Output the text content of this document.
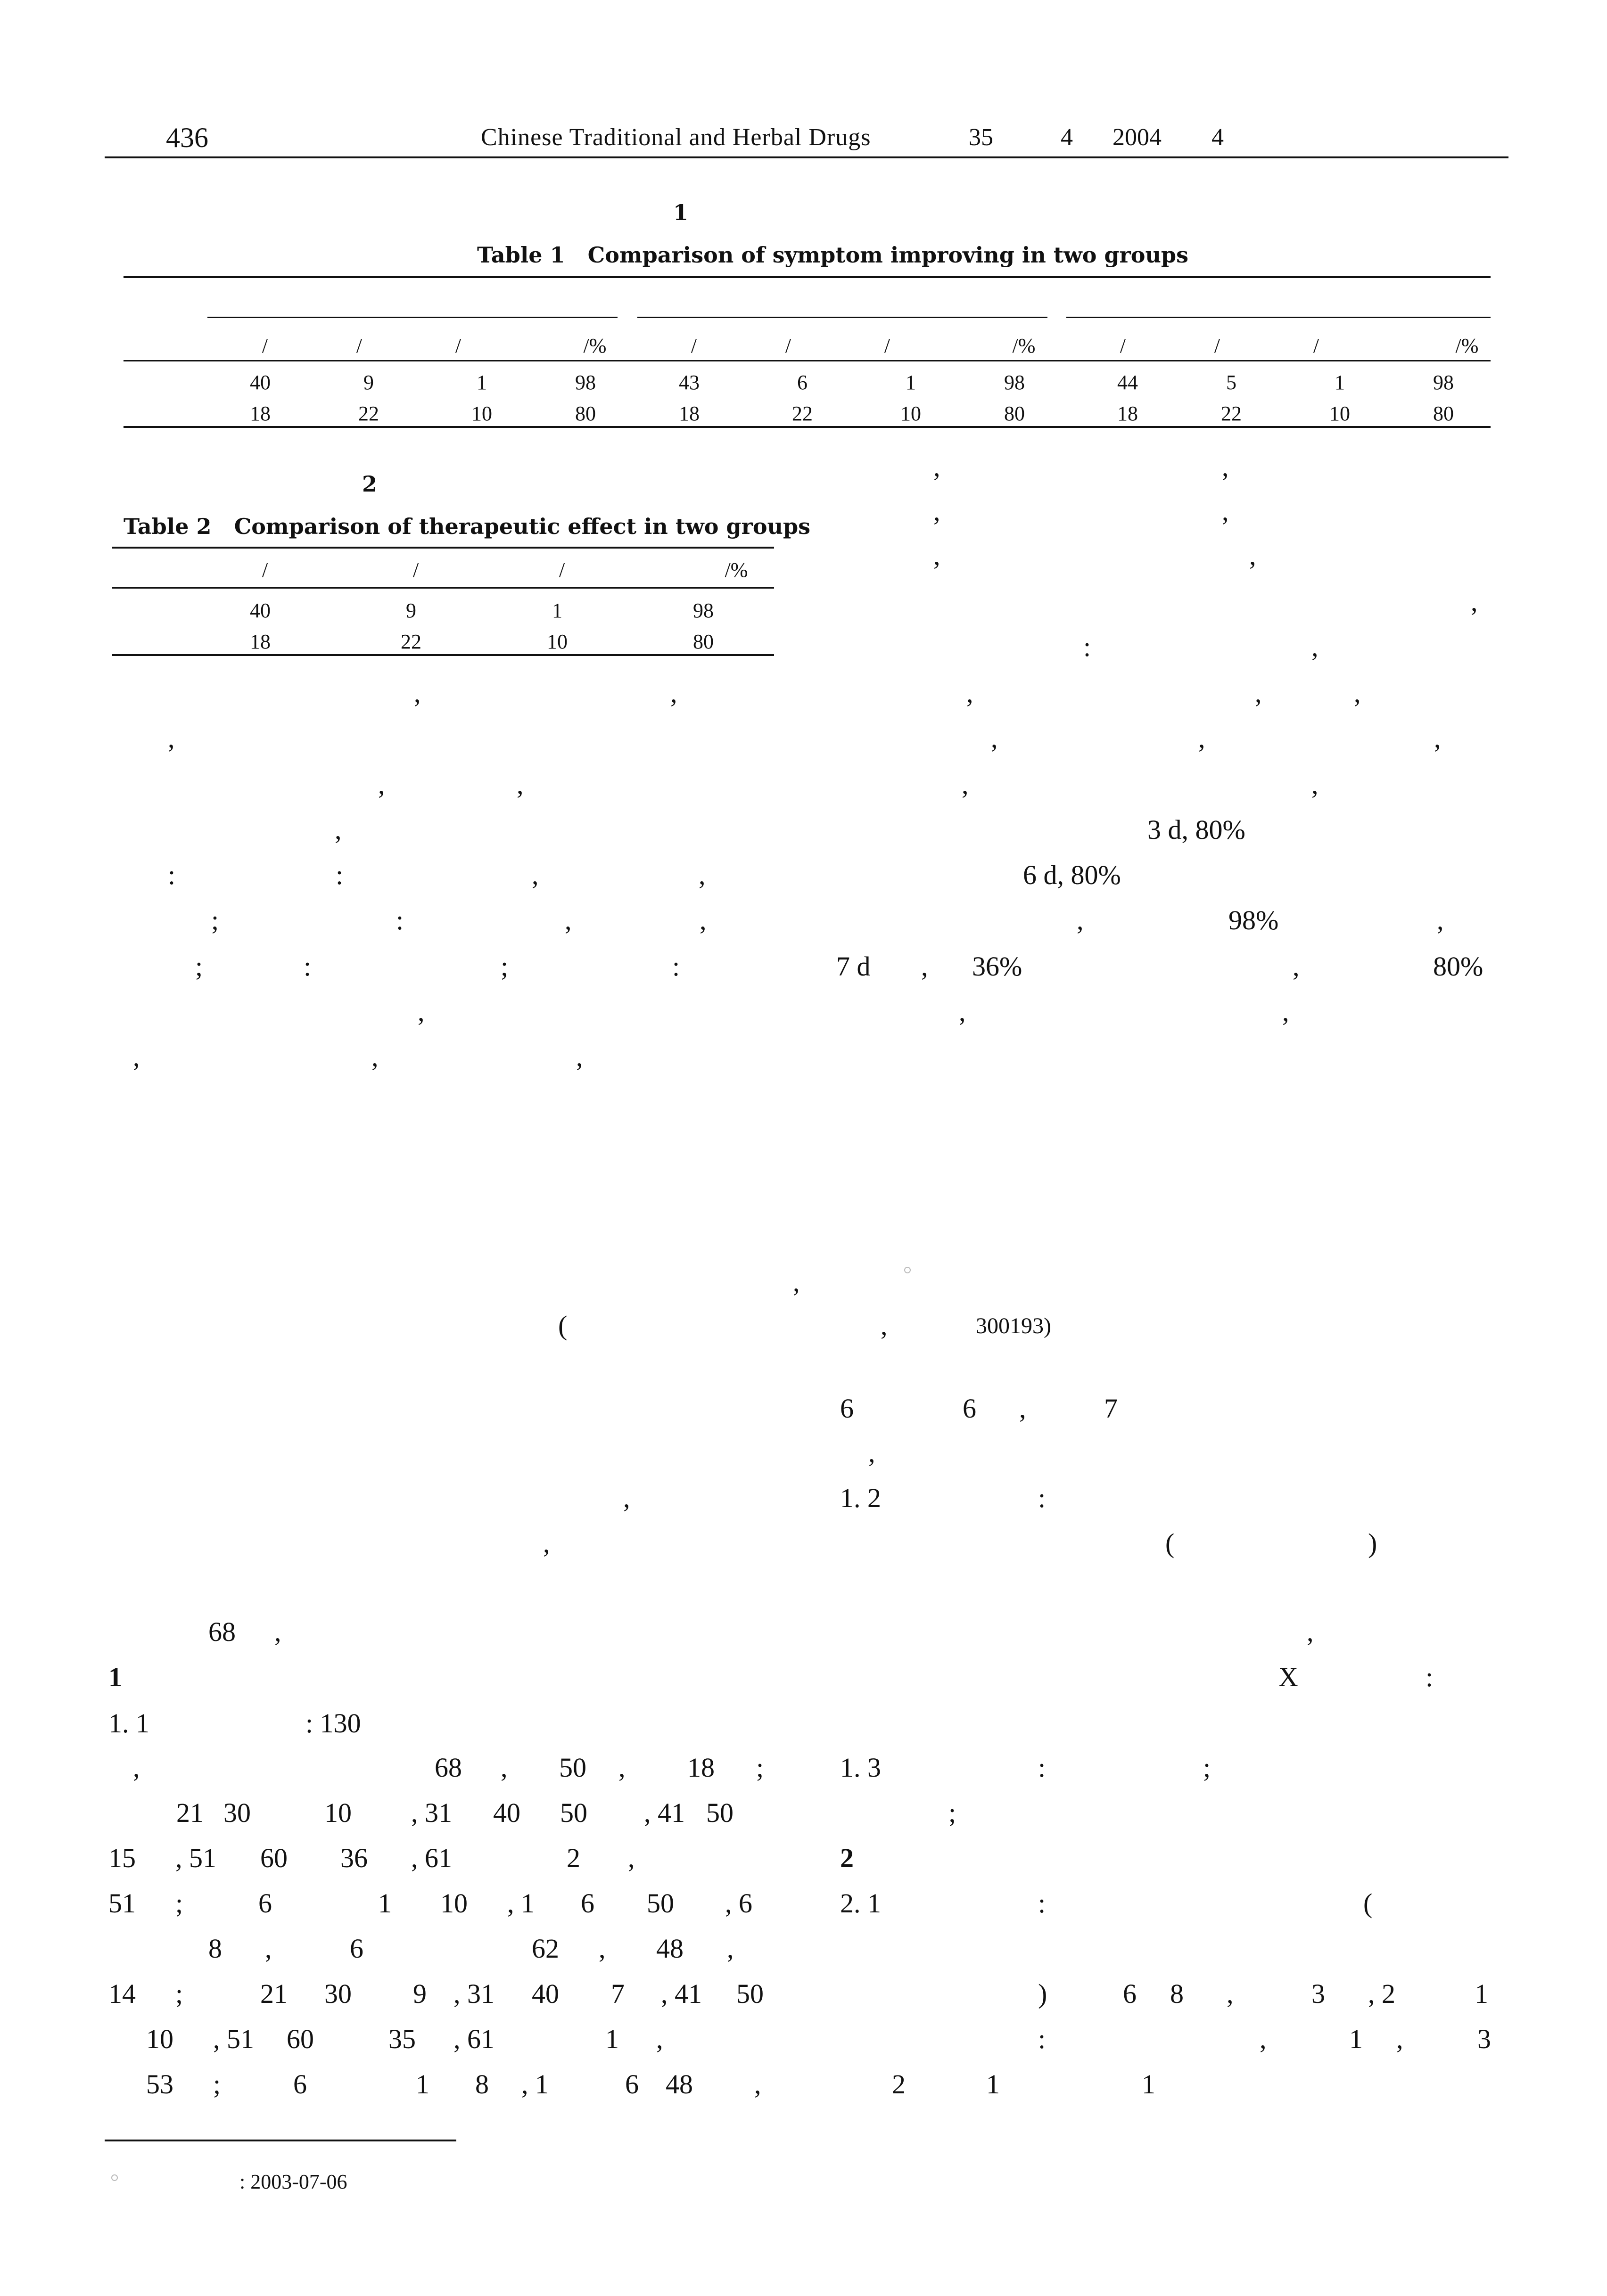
436	Chinese Traditional and Herbal Drugs	35	4 2004 4
1
Table 1   Comparison of symptom improving in two groups
/	/	/	/%	/	/	/	/%	/	/	/	/%
40	9	1	98	43	6	1	98	44	5	1	98
18	22	10	80	18	22	10	80	18	22	10	80
2
Table 2   Comparison of therapeutic effect in two groups
/	/	/	/%
40	9	1	98
18	22	10	80
,	,
,	,
,	,
,
:	,
,	,	,	,	,
,	,	,	,
,	,	,	,
,	3 d, 80%
:	:	,	,	6 d, 80%
;	:	,	,	,	98%	,
;	:	;	:	7 d , 36%	,	80%
,	,	,
,	,	,
,
(	,	300193)
6	6 ,	7
,
,	1. 2	:
,	(	)
68 ,	,
1	X	:
1. 1	: 130
,	68 , 50 , 18 ;	1. 3	:	;
21 30	10 , 31 40 50 , 41 50	;
15 , 51 60 36 , 61	2 ,	2
51 ;	6	1 10 , 1 6 50 , 6	2. 1	:	(
8 ,	6	62 , 48 ,
14 ;	21 30 9 , 31 40 7 , 41 50	)	6 8 ,	3 , 2	1
10 , 51 60	35 , 61	1 ,	:	,	1 ,	3
53 ;	6	1 8 , 1	6 48 ,	2	1	1
: 2003-07-06
